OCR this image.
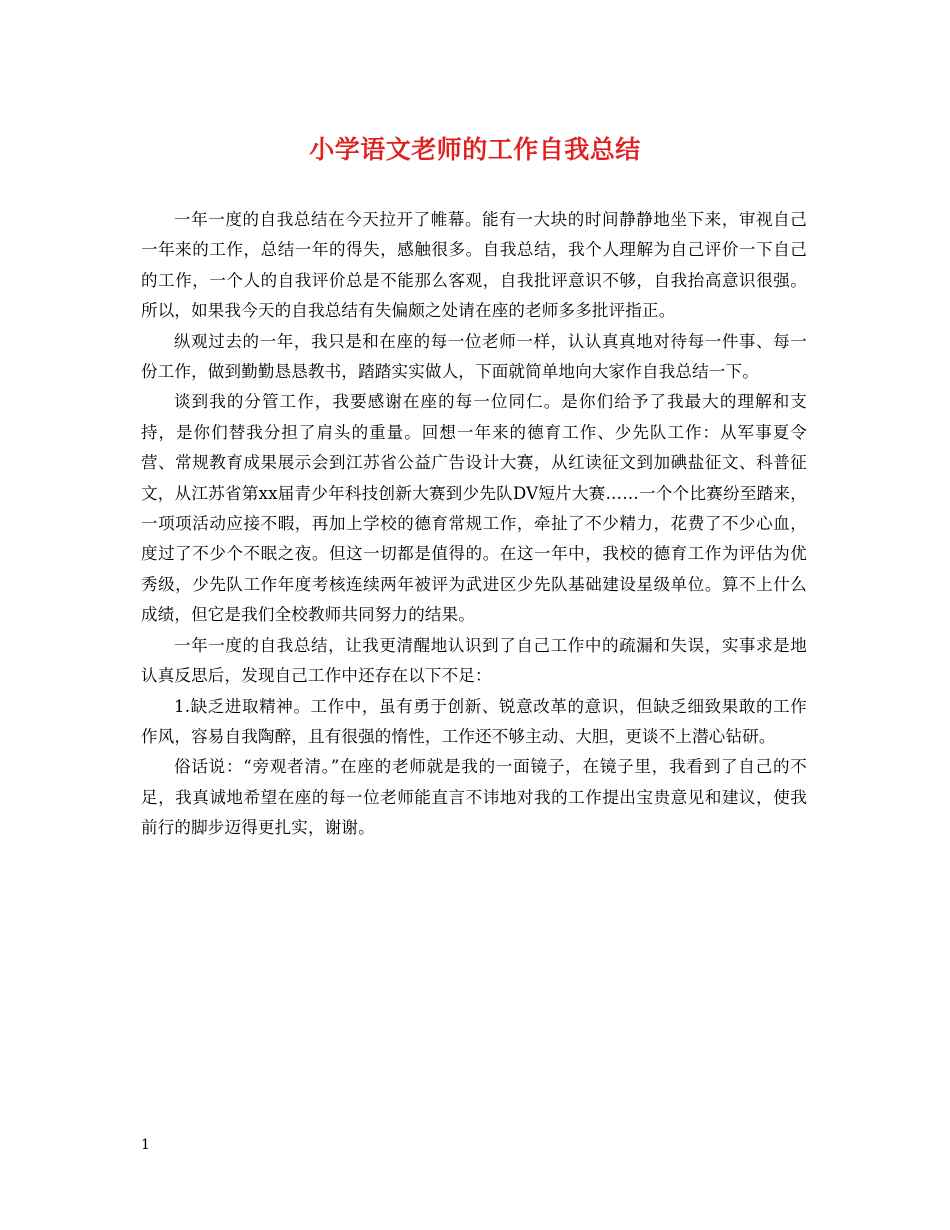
小学语文老师的工作自我总结

一年一度的自我总结在今天拉开了帷幕。能有一大块的时间静静地坐下来，审视自己一年来的工作，总结一年的得失，感触很多。自我总结，我个人理解为自己评价一下自己的工作，一个人的自我评价总是不能那么客观，自我批评意识不够，自我抬高意识很强。所以，如果我今天的自我总结有失偏颇之处请在座的老师多多批评指正。

纵观过去的一年，我只是和在座的每一位老师一样，认认真真地对待每一件事、每一份工作，做到勤勤恳恳教书，踏踏实实做人，下面就简单地向大家作自我总结一下。

谈到我的分管工作，我要感谢在座的每一位同仁。是你们给予了我最大的理解和支持，是你们替我分担了肩头的重量。回想一年来的德育工作、少先队工作：从军事夏令营、常规教育成果展示会到江苏省公益广告设计大赛，从红读征文到加碘盐征文、科普征文，从江苏省第xx届青少年科技创新大赛到少先队DV短片大赛……一个个比赛纷至踏来，一项项活动应接不暇，再加上学校的德育常规工作，牵扯了不少精力，花费了不少心血，度过了不少个不眠之夜。但这一切都是值得的。在这一年中，我校的德育工作为评估为优秀级，少先队工作年度考核连续两年被评为武进区少先队基础建设星级单位。算不上什么成绩，但它是我们全校教师共同努力的结果。

一年一度的自我总结，让我更清醒地认识到了自己工作中的疏漏和失误，实事求是地认真反思后，发现自己工作中还存在以下不足：

1.缺乏进取精神。工作中，虽有勇于创新、锐意改革的意识，但缺乏细致果敢的工作作风，容易自我陶醉，且有很强的惰性，工作还不够主动、大胆，更谈不上潜心钻研。

俗话说：“旁观者清。”在座的老师就是我的一面镜子，在镜子里，我看到了自己的不足，我真诚地希望在座的每一位老师能直言不讳地对我的工作提出宝贵意见和建议，使我前行的脚步迈得更扎实，谢谢。

1
